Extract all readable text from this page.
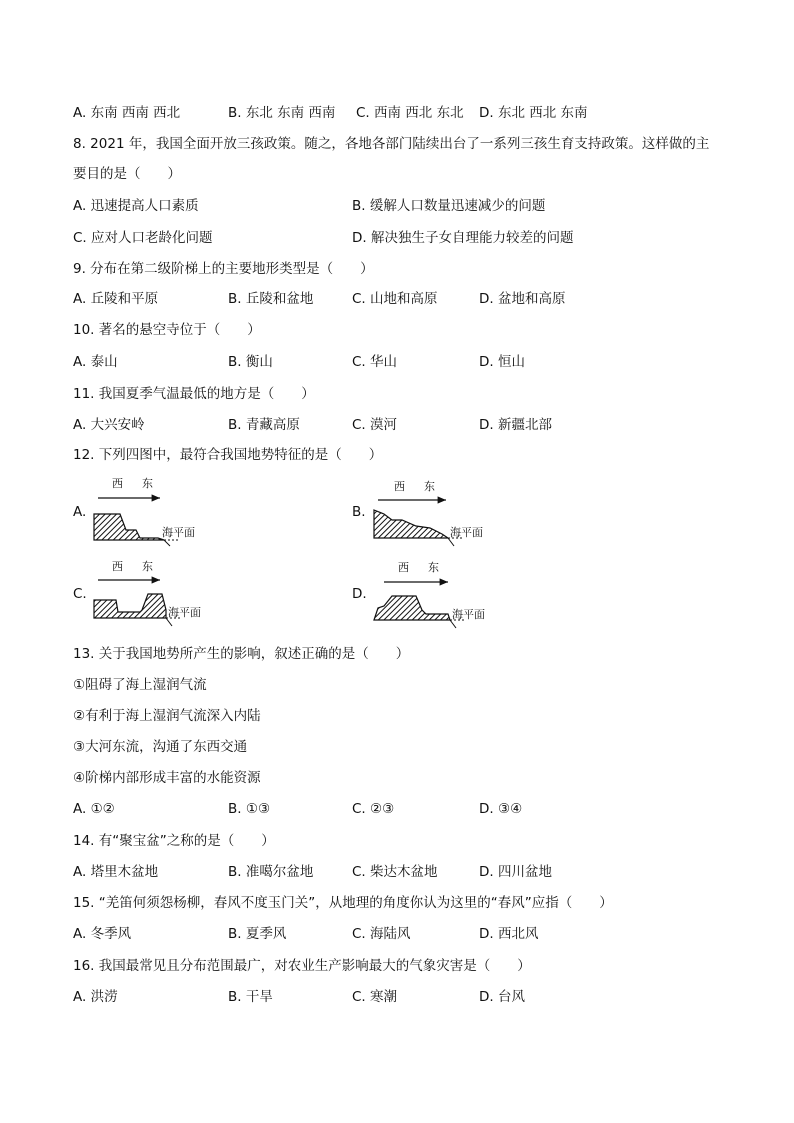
A. 东南 西南 西北	B. 东北 东南 西南 C. 西南 西北 东北 D. 东北 西北 东南
8. 2021 年，我国全面开放三孩政策。随之，各地各部门陆续出台了一系列三孩生育支持政策。这样做的主
要目的是（　　）
A. 迅速提高人口素质	B. 缓解人口数量迅速减少的问题
C. 应对人口老龄化问题	D. 解决独生子女自理能力较差的问题
9. 分布在第二级阶梯上的主要地形类型是（　　）
A. 丘陵和平原	B. 丘陵和盆地	C. 山地和高原	D. 盆地和高原
10. 著名的悬空寺位于（　　）
A. 泰山	B. 衡山	C. 华山	D. 恒山
11. 我国夏季气温最低的地方是（　　）
A. 大兴安岭	B. 青藏高原	C. 漠河	D. 新疆北部
12. 下列四图中，最符合我国地势特征的是（　　）
A.
西 东
海平面
B.
西 东
海平面
C.
西 东
海平面
D.
西 东
海平面
13. 关于我国地势所产生的影响，叙述正确的是（　　）
①阻碍了海上湿润气流
②有利于海上湿润气流深入内陆
③大河东流，沟通了东西交通
④阶梯内部形成丰富的水能资源
A. ①②	B. ①③	C. ②③	D. ③④
14. 有“聚宝盆”之称的是（　　）
A. 塔里木盆地	B. 准噶尔盆地	C. 柴达木盆地	D. 四川盆地
15. “羌笛何须怨杨柳，春风不度玉门关”，从地理的角度你认为这里的“春风”应指（　　）
A. 冬季风	B. 夏季风	C. 海陆风	D. 西北风
16. 我国最常见且分布范围最广，对农业生产影响最大的气象灾害是（　　）
A. 洪涝	B. 干旱	C. 寒潮	D. 台风
